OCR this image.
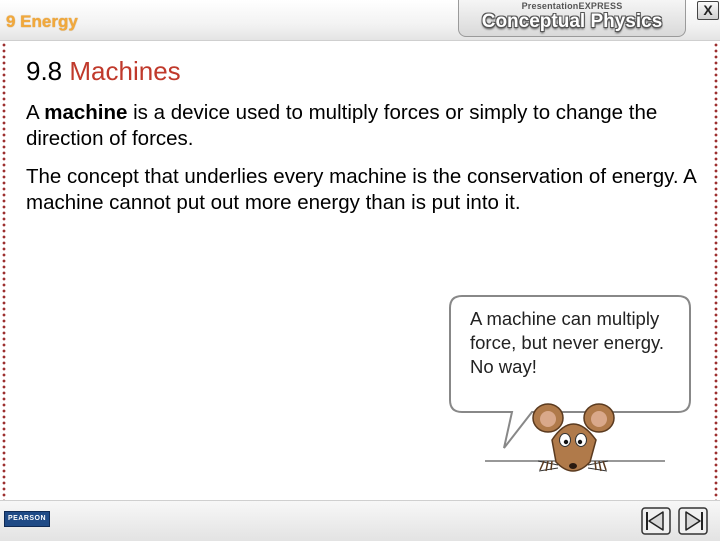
9 Energy
PresentationEXPRESS
Conceptual Physics
X
9.8 Machines
A machine is a device used to multiply forces or simply to change the direction of forces.
The concept that underlies every machine is the conservation of energy. A machine cannot put out more energy than is put into it.
A machine can multiply
force, but never energy.
No way!
PEARSON
